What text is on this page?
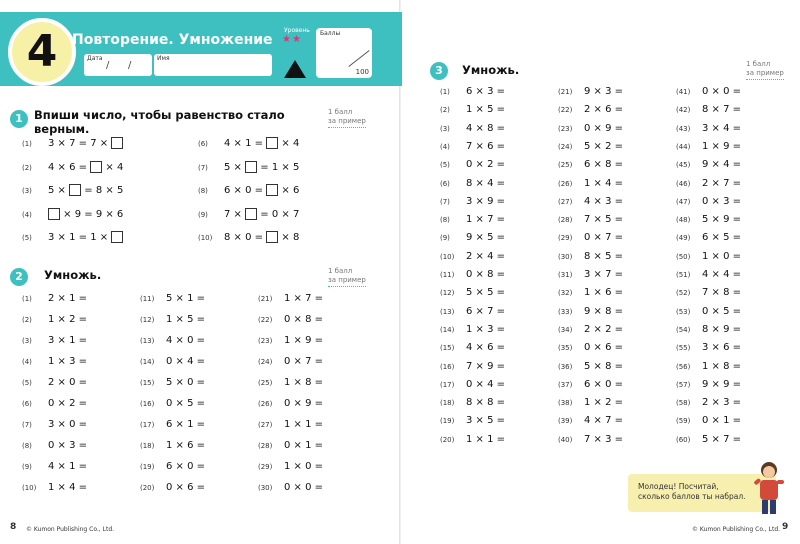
4	Повторение. Умножение
Дата
/ /
Имя
Уровень
★★
Баллы
100
1 Впиши число, чтобы равенство стало
верным.
1 балл
за пример
(1) 3 × 7 = 7 ×
(2) 4 × 6 =  × 4
(3) 5 ×  = 8 × 5
(4)	× 9 = 9 × 6
(5) 3 × 1 = 1 ×
(6) 4 × 1 =  × 4
(7) 5 ×  = 1 × 5
(8) 6 × 0 =  × 6
(9) 7 ×  = 0 × 7
(10) 8 × 0 =  × 8
2	Умножь.	1 балл
за пример
(1) 2 × 1 =
(2) 1 × 2 =
(3) 3 × 1 =
(4) 1 × 3 =
(5) 2 × 0 =
(6) 0 × 2 =
(7) 3 × 0 =
(8) 0 × 3 =
(9) 4 × 1 =
(10) 1 × 4 =
(11) 5 × 1 =
(12) 1 × 5 =
(13) 4 × 0 =
(14) 0 × 4 =
(15) 5 × 0 =
(16) 0 × 5 =
(17) 6 × 1 =
(18) 1 × 6 =
(19) 6 × 0 =
(20) 0 × 6 =
(21) 1 × 7 =
(22) 0 × 8 =
(23) 1 × 9 =
(24) 0 × 7 =
(25) 1 × 8 =
(26) 0 × 9 =
(27) 1 × 1 =
(28) 0 × 1 =
(29) 1 × 0 =
(30) 0 × 0 =
3	Умножь.	1 балл
за пример
(1) 6 × 3 =
(2) 1 × 5 =
(3) 4 × 8 =
(4) 7 × 6 =
(5) 0 × 2 =
(6) 8 × 4 =
(7) 3 × 9 =
(8) 1 × 7 =
(9) 9 × 5 =
(10) 2 × 4 =
(11) 0 × 8 =
(12) 5 × 5 =
(13) 6 × 7 =
(14) 1 × 3 =
(15) 4 × 6 =
(16) 7 × 9 =
(17) 0 × 4 =
(18) 8 × 8 =
(19) 3 × 5 =
(20) 1 × 1 =
(21) 9 × 3 =
(22) 2 × 6 =
(23) 0 × 9 =
(24) 5 × 2 =
(25) 6 × 8 =
(26) 1 × 4 =
(27) 4 × 3 =
(28) 7 × 5 =
(29) 0 × 7 =
(30) 8 × 5 =
(31) 3 × 7 =
(32) 1 × 6 =
(33) 9 × 8 =
(34) 2 × 2 =
(35) 0 × 6 =
(36) 5 × 8 =
(37) 6 × 0 =
(38) 1 × 2 =
(39) 4 × 7 =
(40) 7 × 3 =
(41) 0 × 0 =
(42) 8 × 7 =
(43) 3 × 4 =
(44) 1 × 9 =
(45) 9 × 4 =
(46) 2 × 7 =
(47) 0 × 3 =
(48) 5 × 9 =
(49) 6 × 5 =
(50) 1 × 0 =
(51) 4 × 4 =
(52) 7 × 8 =
(53) 0 × 5 =
(54) 8 × 9 =
(55) 3 × 6 =
(56) 1 × 8 =
(57) 9 × 9 =
(58) 2 × 3 =
(59) 0 × 1 =
(60) 5 × 7 =
Молодец! Посчитай,
сколько баллов ты набрал.
8 © Kumon Publishing Co., Ltd.	© Kumon Publishing Co., Ltd. 9
